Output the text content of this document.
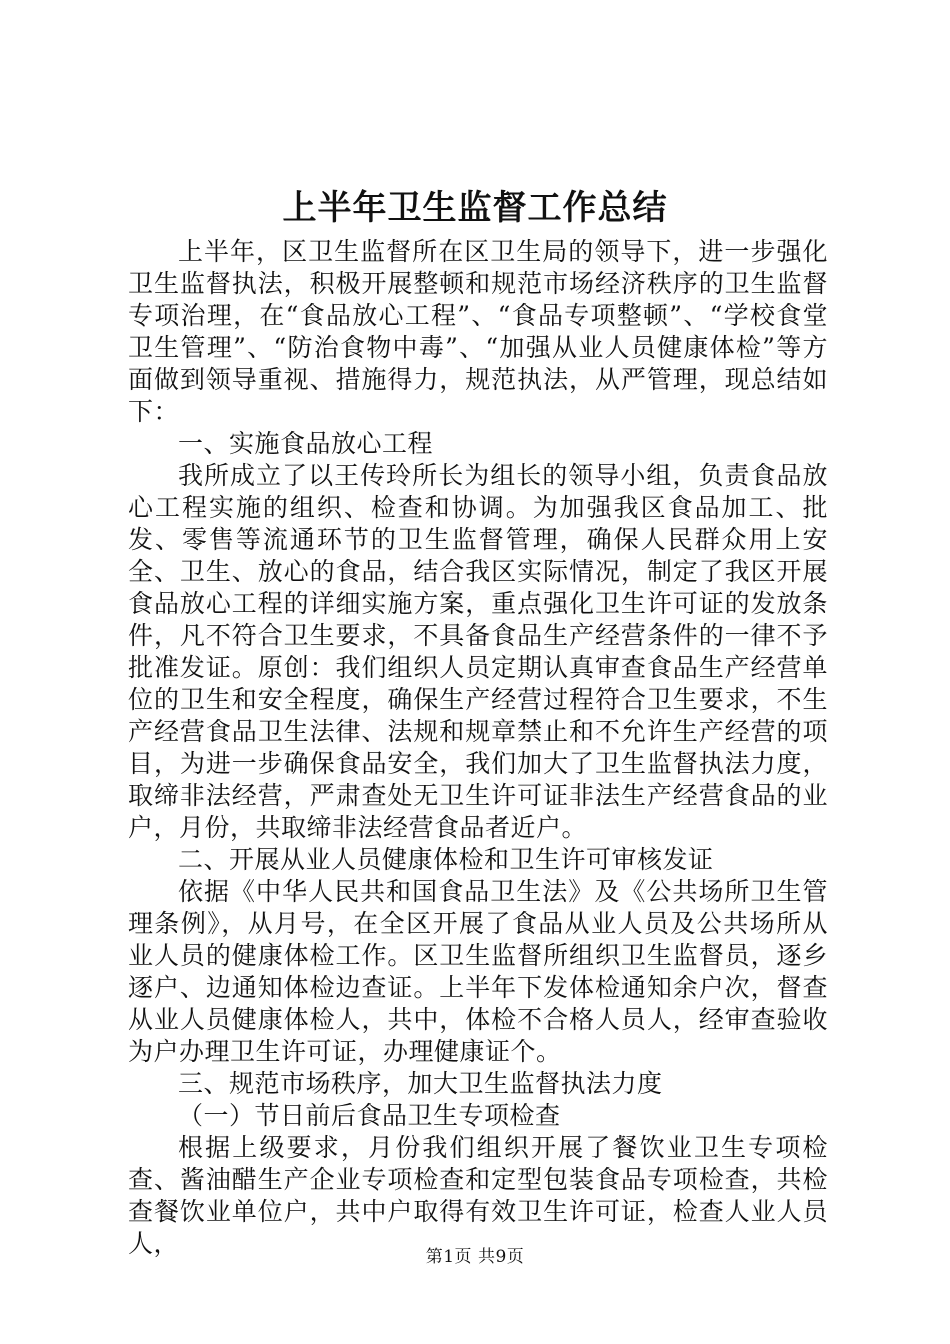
上半年卫生监督工作总结

上半年，区卫生监督所在区卫生局的领导下，进一步强化卫生监督执法，积极开展整顿和规范市场经济秩序的卫生监督专项治理，在“食品放心工程”、“食品专项整顿”、“学校食堂卫生管理”、“防治食物中毒”、“加强从业人员健康体检”等方面做到领导重视、措施得力，规范执法，从严管理，现总结如下：

一、实施食品放心工程

我所成立了以王传玲所长为组长的领导小组，负责食品放心工程实施的组织、检查和协调。为加强我区食品加工、批发、零售等流通环节的卫生监督管理，确保人民群众用上安全、卫生、放心的食品，结合我区实际情况，制定了我区开展食品放心工程的详细实施方案，重点强化卫生许可证的发放条件，凡不符合卫生要求，不具备食品生产经营条件的一律不予批准发证。原创：我们组织人员定期认真审查食品生产经营单位的卫生和安全程度，确保生产经营过程符合卫生要求，不生产经营食品卫生法律、法规和规章禁止和不允许生产经营的项目，为进一步确保食品安全，我们加大了卫生监督执法力度，取缔非法经营，严肃查处无卫生许可证非法生产经营食品的业户，月份，共取缔非法经营食品者近户。

二、开展从业人员健康体检和卫生许可审核发证

依据《中华人民共和国食品卫生法》及《公共场所卫生管理条例》，从月号，在全区开展了食品从业人员及公共场所从业人员的健康体检工作。区卫生监督所组织卫生监督员，逐乡逐户、边通知体检边查证。上半年下发体检通知余户次，督查从业人员健康体检人，共中，体检不合格人员人，经审查验收为户办理卫生许可证，办理健康证个。

三、规范市场秩序，加大卫生监督执法力度

（一）节日前后食品卫生专项检查

根据上级要求，月份我们组织开展了餐饮业卫生专项检查、酱油醋生产企业专项检查和定型包装食品专项检查，共检查餐饮业单位户，共中户取得有效卫生许可证，检查人业人员人，	第1页 共9页
